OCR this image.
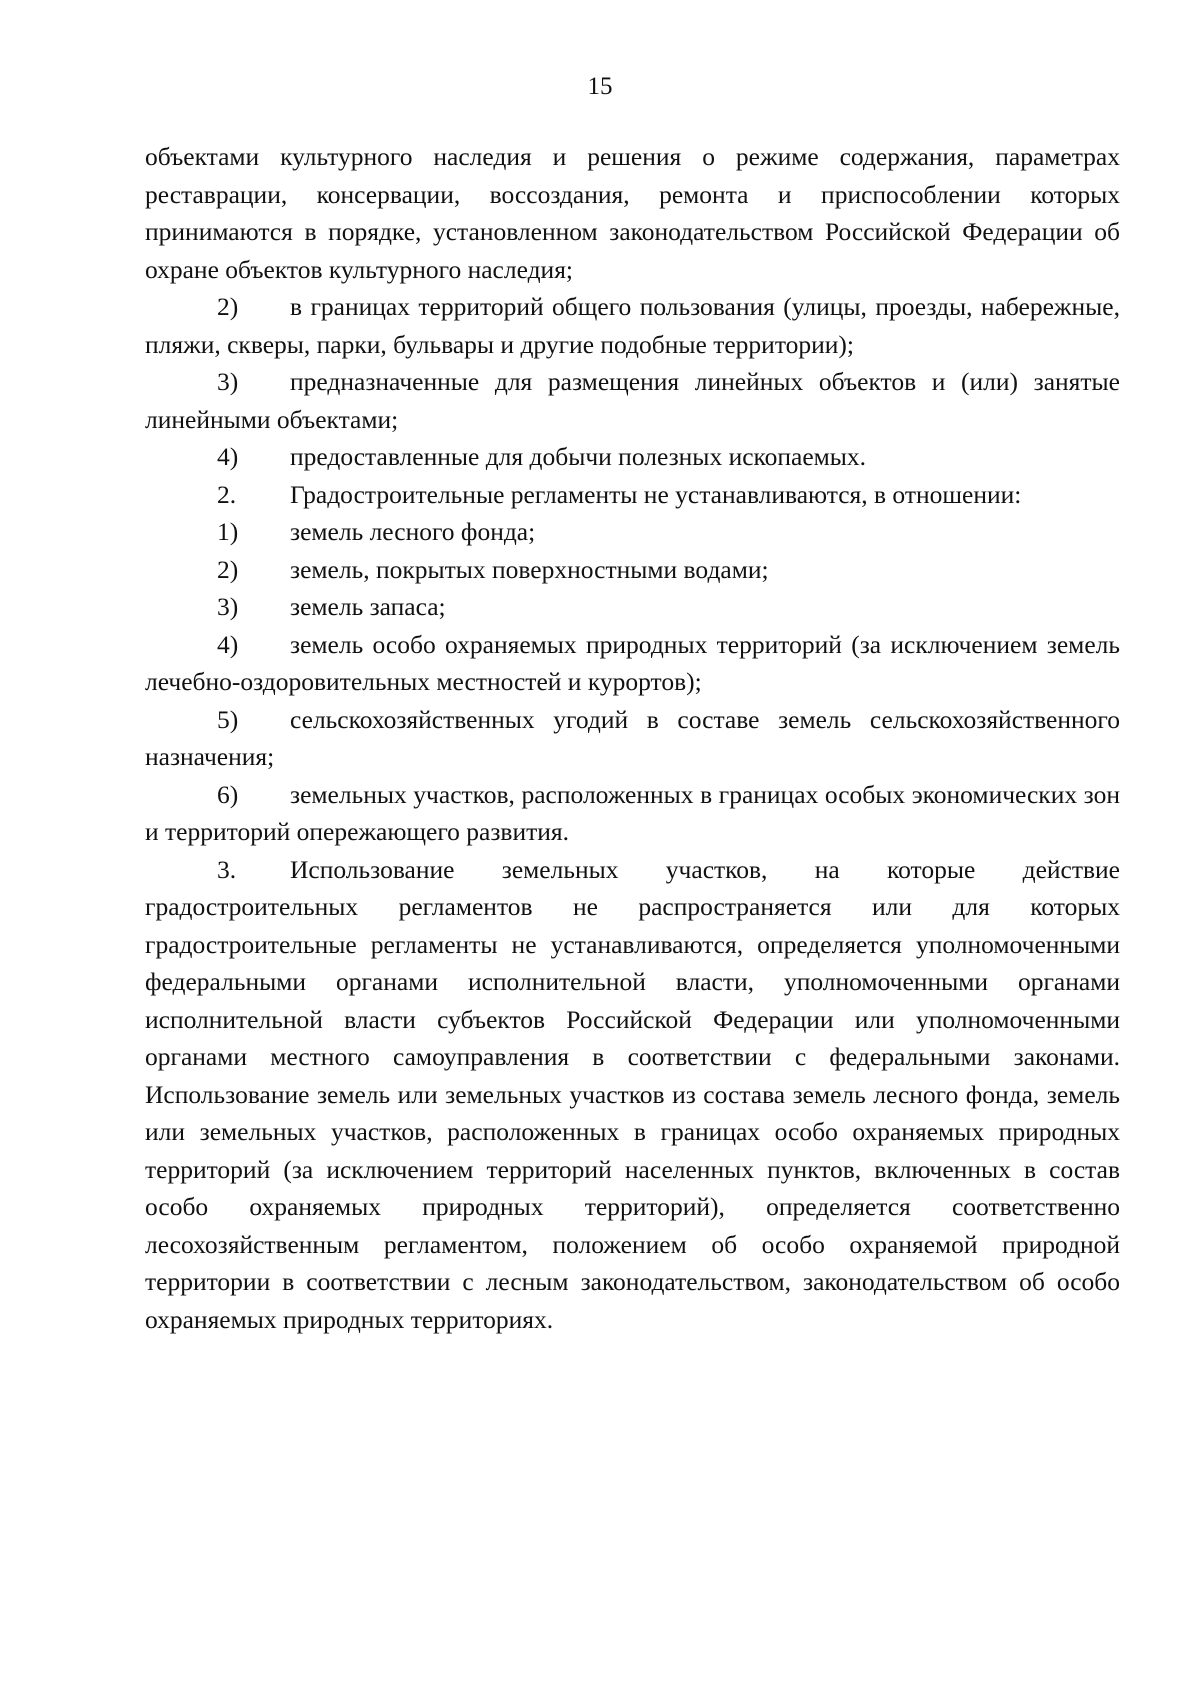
15

объектами культурного наследия и решения о режиме содержания, параметрах реставрации, консервации, воссоздания, ремонта и приспособлении которых принимаются в порядке, установленном законодательством Российской Федерации об охране объектов культурного наследия;

2) в границах территорий общего пользования (улицы, проезды, набережные, пляжи, скверы, парки, бульвары и другие подобные территории);

3) предназначенные для размещения линейных объектов и (или) занятые линейными объектами;

4) предоставленные для добычи полезных ископаемых.

2. Градостроительные регламенты не устанавливаются, в отношении:

1) земель лесного фонда;

2) земель, покрытых поверхностными водами;

3) земель запаса;

4) земель особо охраняемых природных территорий (за исключением земель лечебно-оздоровительных местностей и курортов);

5) сельскохозяйственных угодий в составе земель сельскохозяйственного назначения;

6) земельных участков, расположенных в границах особых экономических зон и территорий опережающего развития.

3. Использование земельных участков, на которые действие градостроительных регламентов не распространяется или для которых градостроительные регламенты не устанавливаются, определяется уполномоченными федеральными органами исполнительной власти, уполномоченными органами исполнительной власти субъектов Российской Федерации или уполномоченными органами местного самоуправления в соответствии с федеральными законами. Использование земель или земельных участков из состава земель лесного фонда, земель или земельных участков, расположенных в границах особо охраняемых природных территорий (за исключением территорий населенных пунктов, включенных в состав особо охраняемых природных территорий), определяется соответственно лесохозяйственным регламентом, положением об особо охраняемой природной территории в соответствии с лесным законодательством, законодательством об особо охраняемых природных территориях.
